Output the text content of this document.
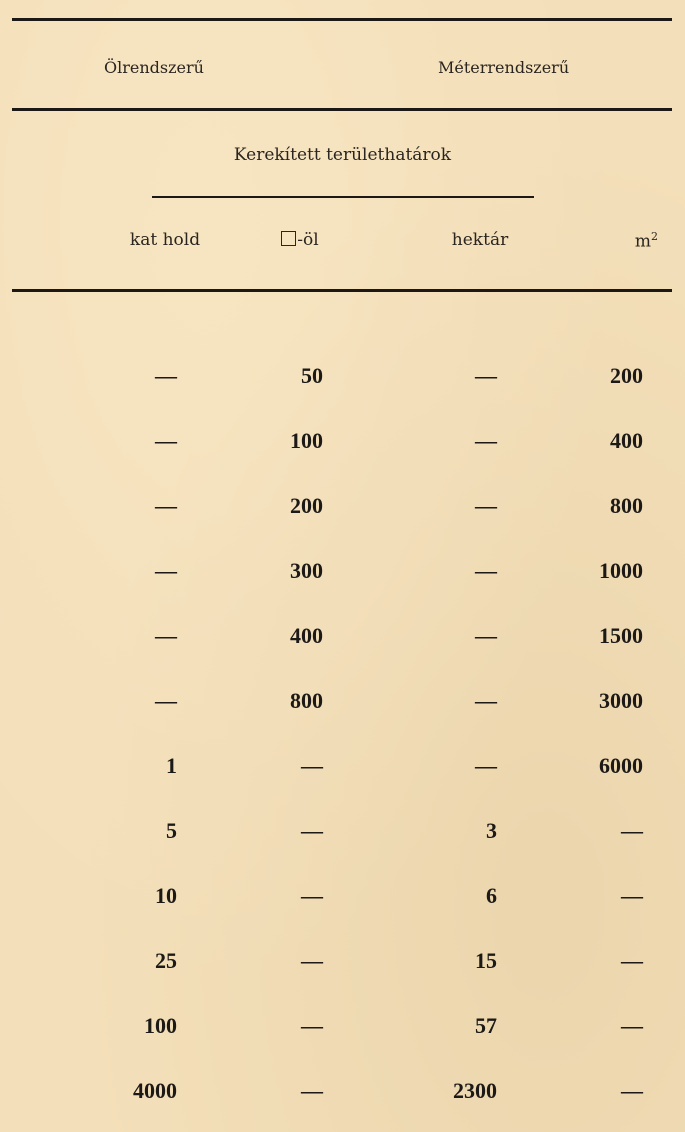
Ölrendszerű	Méterrendszerű
Kerekített területhatárok
kat hold	-öl	hektár	$m^2$
—	50	—	200
—	100	—	400
—	200	—	800
—	300	—	1000
—	400	—	1500
—	800	—	3000
1	—	—	6000
5	—	3	—
10	—	6	—
25	—	15	—
100	—	57	—
4000	—	2300	—
